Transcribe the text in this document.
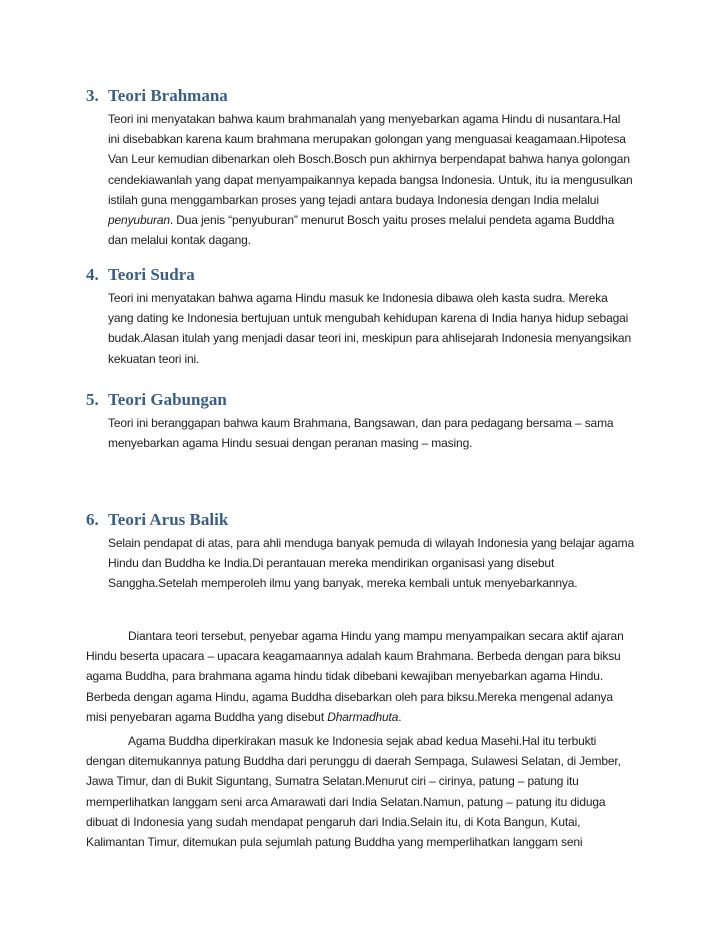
3. Teori Brahmana

Teori ini menyatakan bahwa kaum brahmanalah yang menyebarkan agama Hindu di nusantara.Hal

ini disebabkan karena kaum brahmana merupakan golongan yang menguasai keagamaan.Hipotesa

Van Leur kemudian dibenarkan oleh Bosch.Bosch pun akhirnya berpendapat bahwa hanya golongan

cendekiawanlah yang dapat menyampaikannya kepada bangsa Indonesia. Untuk, itu ia mengusulkan

istilah guna menggambarkan proses yang tejadi antara budaya Indonesia dengan India melalui

penyuburan. Dua jenis “penyuburan” menurut Bosch yaitu proses melalui pendeta agama Buddha

dan melalui kontak dagang.

4. Teori Sudra

Teori ini menyatakan bahwa agama Hindu masuk ke Indonesia dibawa oleh kasta sudra. Mereka

yang dating ke Indonesia bertujuan untuk mengubah kehidupan karena di India hanya hidup sebagai

budak.Alasan itulah yang menjadi dasar teori ini, meskipun para ahlisejarah Indonesia menyangsikan

kekuatan teori ini.

5. Teori Gabungan

Teori ini beranggapan bahwa kaum Brahmana, Bangsawan, dan para pedagang bersama – sama

menyebarkan agama Hindu sesuai dengan peranan masing – masing.

6. Teori Arus Balik

Selain pendapat di atas, para ahli menduga banyak pemuda di wilayah Indonesia yang belajar agama

Hindu dan Buddha ke India.Di perantauan mereka mendirikan organisasi yang disebut

Sanggha.Setelah memperoleh ilmu yang banyak, mereka kembali untuk menyebarkannya.

Diantara teori tersebut, penyebar agama Hindu yang mampu menyampaikan secara aktif ajaran

Hindu beserta upacara – upacara keagamaannya adalah kaum Brahmana. Berbeda dengan para biksu

agama Buddha, para brahmana agama hindu tidak dibebani kewajiban menyebarkan agama Hindu.

Berbeda dengan agama Hindu, agama Buddha disebarkan oleh para biksu.Mereka mengenal adanya

misi penyebaran agama Buddha yang disebut Dharmadhuta.

Agama Buddha diperkirakan masuk ke Indonesia sejak abad kedua Masehi.Hal itu terbukti

dengan ditemukannya patung Buddha dari perunggu di daerah Sempaga, Sulawesi Selatan, di Jember,

Jawa Timur, dan di Bukit Siguntang, Sumatra Selatan.Menurut ciri – cirinya, patung – patung itu

memperlihatkan langgam seni arca Amarawati dari India Selatan.Namun, patung – patung itu diduga

dibuat di Indonesia yang sudah mendapat pengaruh dari India.Selain itu, di Kota Bangun, Kutai,

Kalimantan Timur, ditemukan pula sejumlah patung Buddha yang memperlihatkan langgam seni
